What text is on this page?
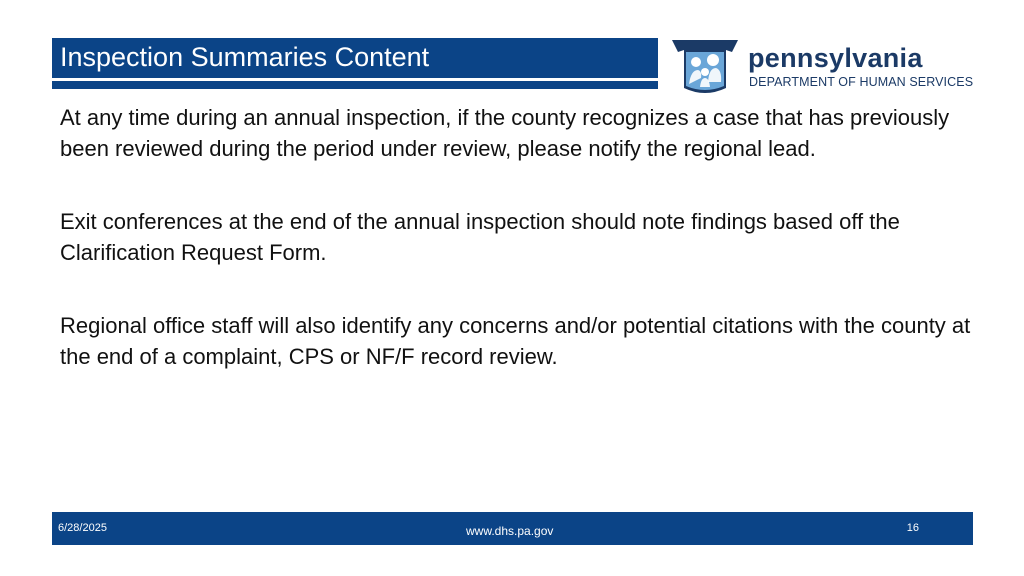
Inspection Summaries Content	pennsylvania
DEPARTMENT OF HUMAN SERVICES

At any time during an annual inspection, if the county recognizes a case that has previously been reviewed during the period under review, please notify the regional lead.

Exit conferences at the end of the annual inspection should note findings based off the Clarification Request Form.

Regional office staff will also identify any concerns and/or potential citations with the county at the end of a complaint, CPS or NF/F record review.

6/28/2025	www.dhs.pa.gov	16
